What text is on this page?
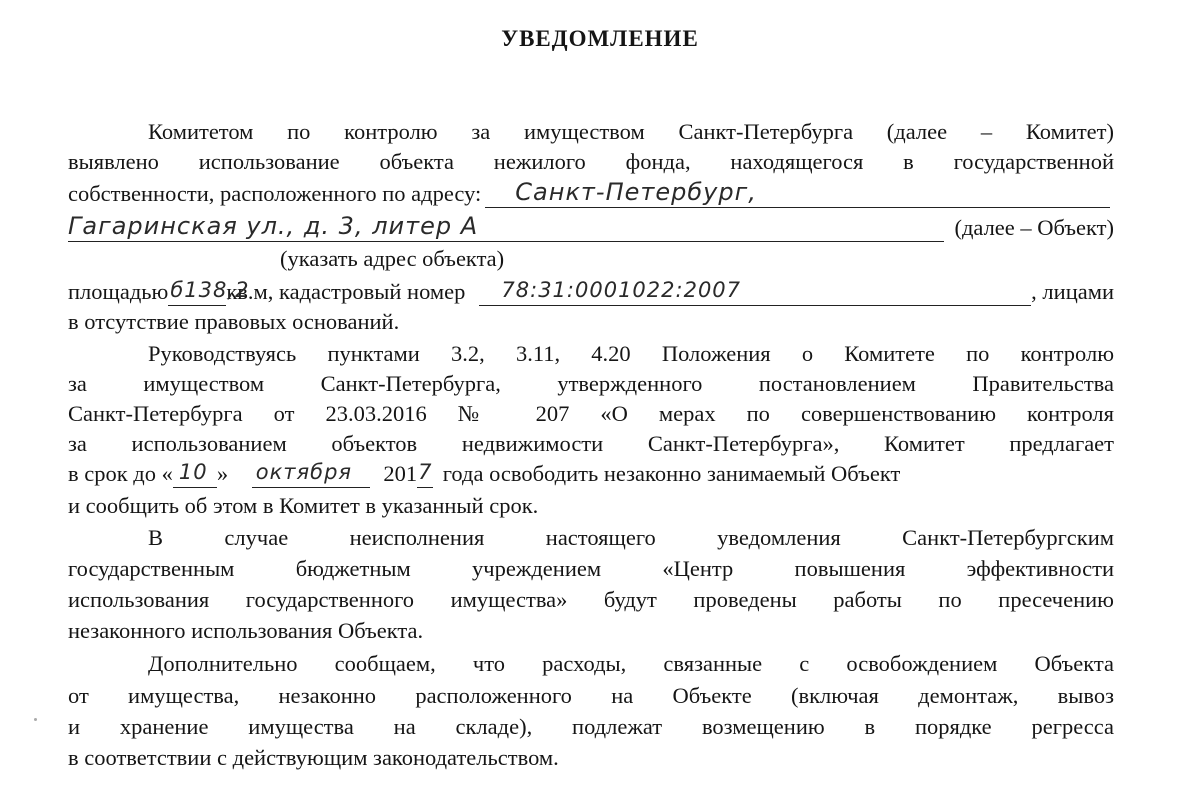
УВЕДОМЛЕНИЕ
Комитетом по контролю за имуществом Санкт-Петербурга (далее – Комитет)
выявлено использование объекта нежилого фонда, находящегося в государственной
собственности, расположенного по адресу: Санкт-Петербург,
Гагаринская ул., д. 3, литер А	(далее – Объект)
(указать адрес объекта)
площадью б138,2
кв.м, кадастровый номер 78:31:0001022:2007	, лицами
в отсутствие правовых оснований.
Руководствуясь пунктами 3.2, 3.11, 4.20 Положения о Комитете по контролю
за имуществом Санкт-Петербурга, утвержденного постановлением Правительства
Санкт-Петербурга от 23.03.2016 № 207 «О мерах по совершенствованию контроля
за использованием объектов недвижимости Санкт-Петербурга», Комитет предлагает
в срок до « 10 » октября 201 7 года освободить незаконно занимаемый Объект
и сообщить об этом в Комитет в указанный срок.
В случае неисполнения настоящего уведомления Санкт-Петербургским
государственным бюджетным учреждением «Центр повышения эффективности
использования государственного имущества» будут проведены работы по пресечению
незаконного использования Объекта.
Дополнительно сообщаем, что расходы, связанные с освобождением Объекта
от имущества, незаконно расположенного на Объекте (включая демонтаж, вывоз
и хранение имущества на складе), подлежат возмещению в порядке регресса
в соответствии с действующим законодательством.
